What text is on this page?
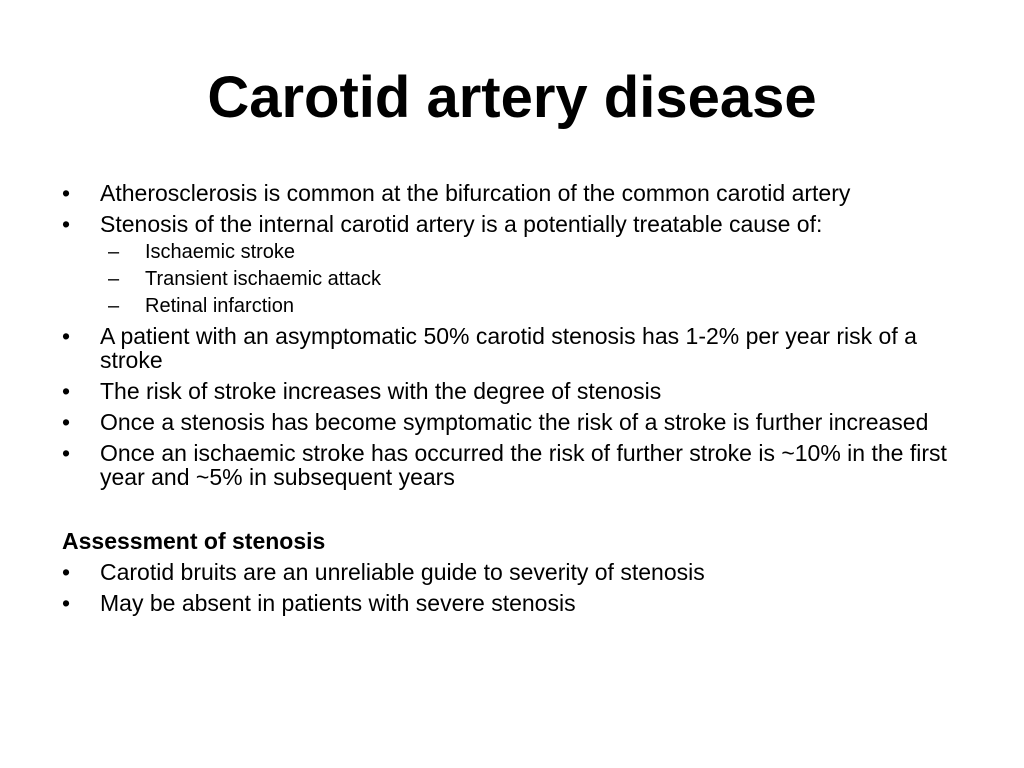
Carotid artery disease
• Atherosclerosis is common at the bifurcation of the common carotid artery
• Stenosis of the internal carotid artery is a potentially treatable cause of:
– Ischaemic stroke
– Transient ischaemic attack
– Retinal infarction
• A patient with an asymptomatic 50% carotid stenosis has 1-2% per year risk of a stroke
• The risk of stroke increases with the degree of stenosis
• Once a stenosis has become symptomatic the risk of a stroke is further increased
• Once an ischaemic stroke has occurred the risk of further stroke is ~10% in the first year and ~5% in subsequent years
Assessment of stenosis
• Carotid bruits are an unreliable guide to severity of stenosis
• May be absent in patients with severe stenosis
